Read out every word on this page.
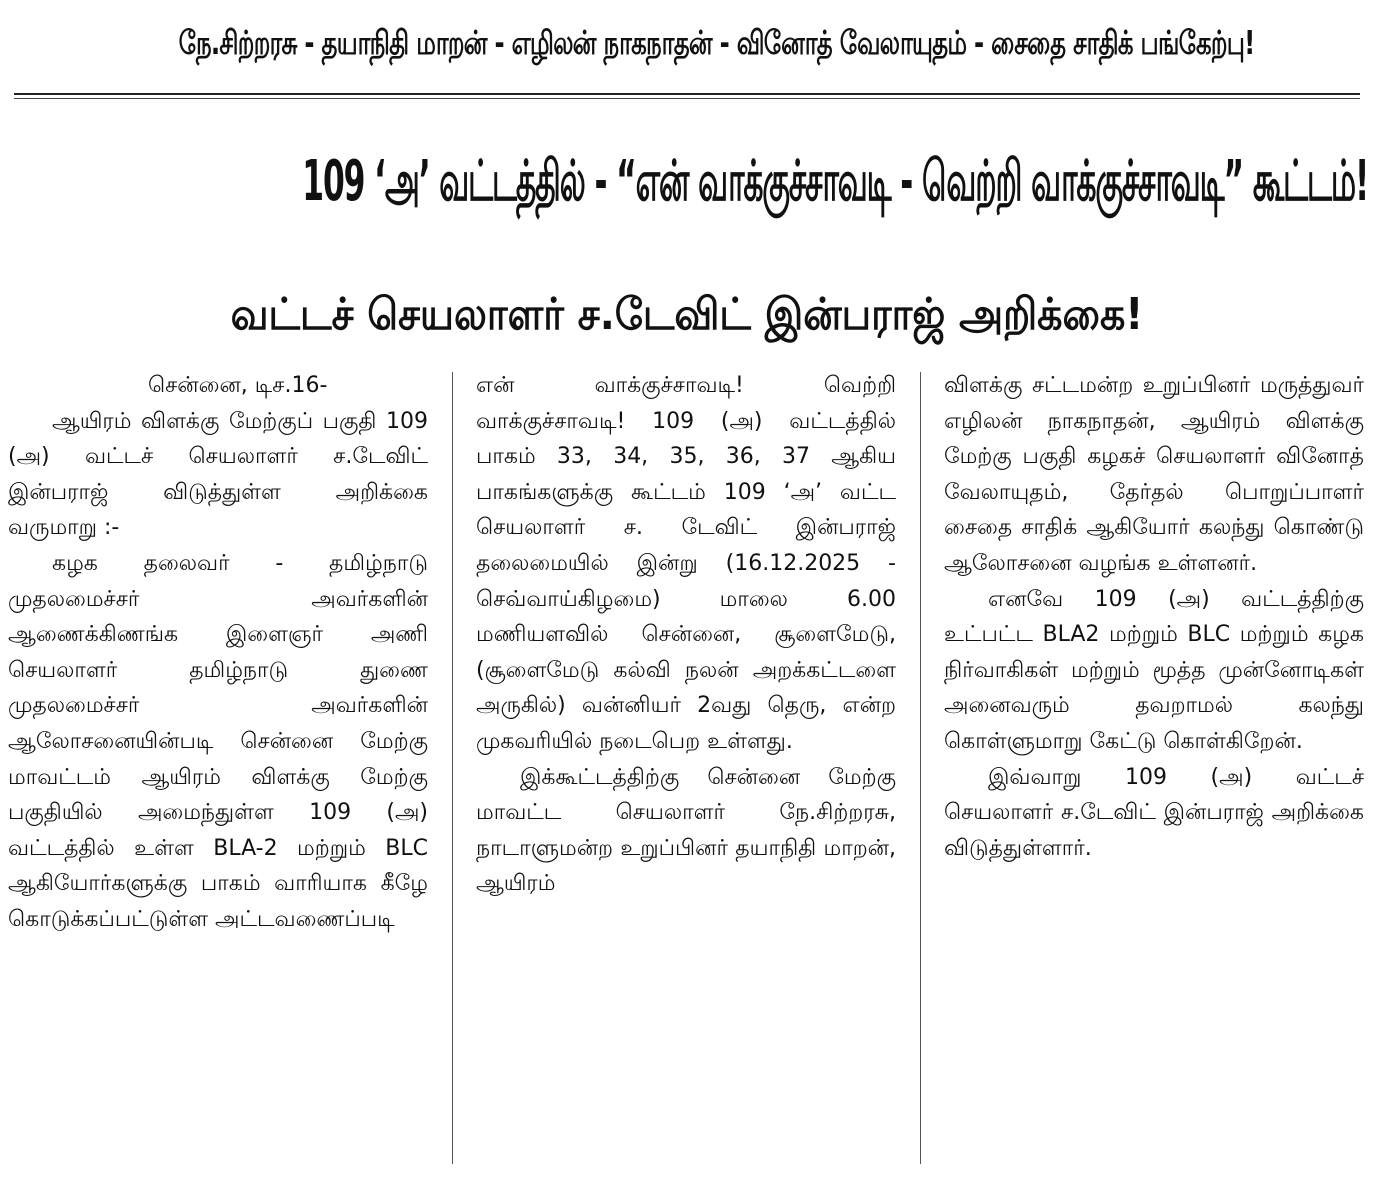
நே.சிற்றரசு - தயாநிதி மாறன் - எழிலன் நாகநாதன் - வினோத் வேலாயுதம் - சைதை சாதிக் பங்கேற்பு!
109 ‘அ’ வட்டத்தில் - “என் வாக்குச்சாவடி - வெற்றி வாக்குச்சாவடி” கூட்டம்!
வட்டச் செயலாளர் ச.டேவிட் இன்பராஜ் அறிக்கை!

சென்னை, டிச.16-

ஆயிரம் விளக்கு மேற்குப் பகுதி 109 (அ) வட்டச் செயலாளர் ச.டேவிட் இன்பராஜ் விடுத்துள்ள அறிக்கை வருமாறு :-

கழக தலைவர் - தமிழ்நாடு முதலமைச்சர் அவர்களின் ஆணைக்கிணங்க இளைஞர் அணி செயலாளர் தமிழ்நாடு துணை முதலமைச்சர் அவர்களின் ஆலோசனையின்படி சென்னை மேற்கு மாவட்டம் ஆயிரம் விளக்கு மேற்கு பகுதியில் அமைந்துள்ள 109 (அ) வட்டத்தில் உள்ள BLA-2 மற்றும் BLC ஆகியோர்களுக்கு பாகம் வாரியாக கீழே கொடுக்கப்பட்டுள்ள அட்டவணைப்படி

என் வாக்குச்சாவடி! வெற்றி வாக்குச்சாவடி! 109 (அ) வட்டத்தில் பாகம் 33, 34, 35, 36, 37 ஆகிய பாகங்களுக்கு கூட்டம் 109 ‘அ’ வட்ட செயலாளர் ச. டேவிட் இன்பராஜ் தலைமையில் இன்று (16.12.2025 - செவ்வாய்கிழமை) மாலை 6.00 மணியளவில் சென்னை, சூளைமேடு, (சூளைமேடு கல்வி நலன் அறக்கட்டளை அருகில்) வன்னியர் 2வது தெரு, என்ற முகவரியில் நடைபெற உள்ளது.

இக்கூட்டத்திற்கு சென்னை மேற்கு மாவட்ட செயலாளர் நே.சிற்றரசு, நாடாளுமன்ற உறுப்பினர் தயாநிதி மாறன், ஆயிரம்

விளக்கு சட்டமன்ற உறுப்பினர் மருத்துவர் எழிலன் நாகநாதன், ஆயிரம் விளக்கு மேற்கு பகுதி கழகச் செயலாளர் வினோத் வேலாயுதம், தேர்தல் பொறுப்பாளர் சைதை சாதிக் ஆகியோர் கலந்து கொண்டு ஆலோசனை வழங்க உள்ளனர்.

எனவே 109 (அ) வட்டத்திற்கு உட்பட்ட BLA2 மற்றும் BLC மற்றும் கழக நிர்வாகிகள் மற்றும் மூத்த முன்னோடிகள் அனைவரும் தவறாமல் கலந்து கொள்ளுமாறு கேட்டு கொள்கிறேன்.

இவ்வாறு 109 (அ) வட்டச் செயலாளர் ச.டேவிட் இன்பராஜ் அறிக்கை விடுத்துள்ளார்.
